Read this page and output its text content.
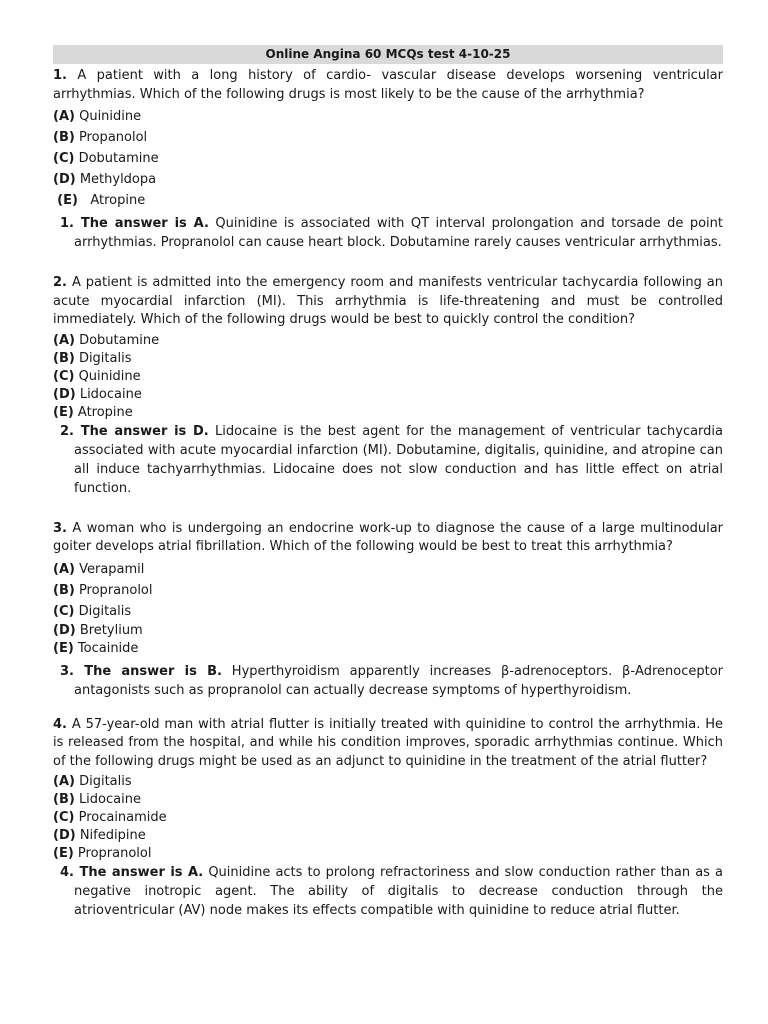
Online Angina 60 MCQs test 4-10-25
1. A patient with a long history of cardio- vascular disease develops worsening ventricular arrhythmias. Which of the following drugs is most likely to be the cause of the arrhythmia?
(A) Quinidine
(B) Propanolol
(C) Dobutamine
(D) Methyldopa
(E) Atropine
1. The answer is A. Quinidine is associated with QT interval prolongation and torsade de point arrhythmias. Propranolol can cause heart block. Dobutamine rarely causes ventricular arrhythmias.
2. A patient is admitted into the emergency room and manifests ventricular tachycardia following an acute myocardial infarction (MI). This arrhythmia is life-threatening and must be controlled immediately. Which of the following drugs would be best to quickly control the condition?
(A) Dobutamine
(B) Digitalis
(C) Quinidine
(D) Lidocaine
(E) Atropine
2. The answer is D. Lidocaine is the best agent for the management of ventricular tachycardia associated with acute myocardial infarction (MI). Dobutamine, digitalis, quinidine, and atropine can all induce tachyarrhythmias. Lidocaine does not slow conduction and has little effect on atrial function.
3. A woman who is undergoing an endocrine work-up to diagnose the cause of a large multinodular goiter develops atrial fibrillation. Which of the following would be best to treat this arrhythmia?
(A) Verapamil
(B) Propranolol
(C) Digitalis
(D) Bretylium
(E) Tocainide
3. The answer is B. Hyperthyroidism apparently increases β-adrenoceptors. β-Adrenoceptor antagonists such as propranolol can actually decrease symptoms of hyperthyroidism.
4. A 57-year-old man with atrial flutter is initially treated with quinidine to control the arrhythmia. He is released from the hospital, and while his condition improves, sporadic arrhythmias continue. Which of the following drugs might be used as an adjunct to quinidine in the treatment of the atrial flutter?
(A) Digitalis
(B) Lidocaine
(C) Procainamide
(D) Nifedipine
(E) Propranolol
4. The answer is A. Quinidine acts to prolong refractoriness and slow conduction rather than as a negative inotropic agent. The ability of digitalis to decrease conduction through the atrioventricular (AV) node makes its effects compatible with quinidine to reduce atrial flutter.
